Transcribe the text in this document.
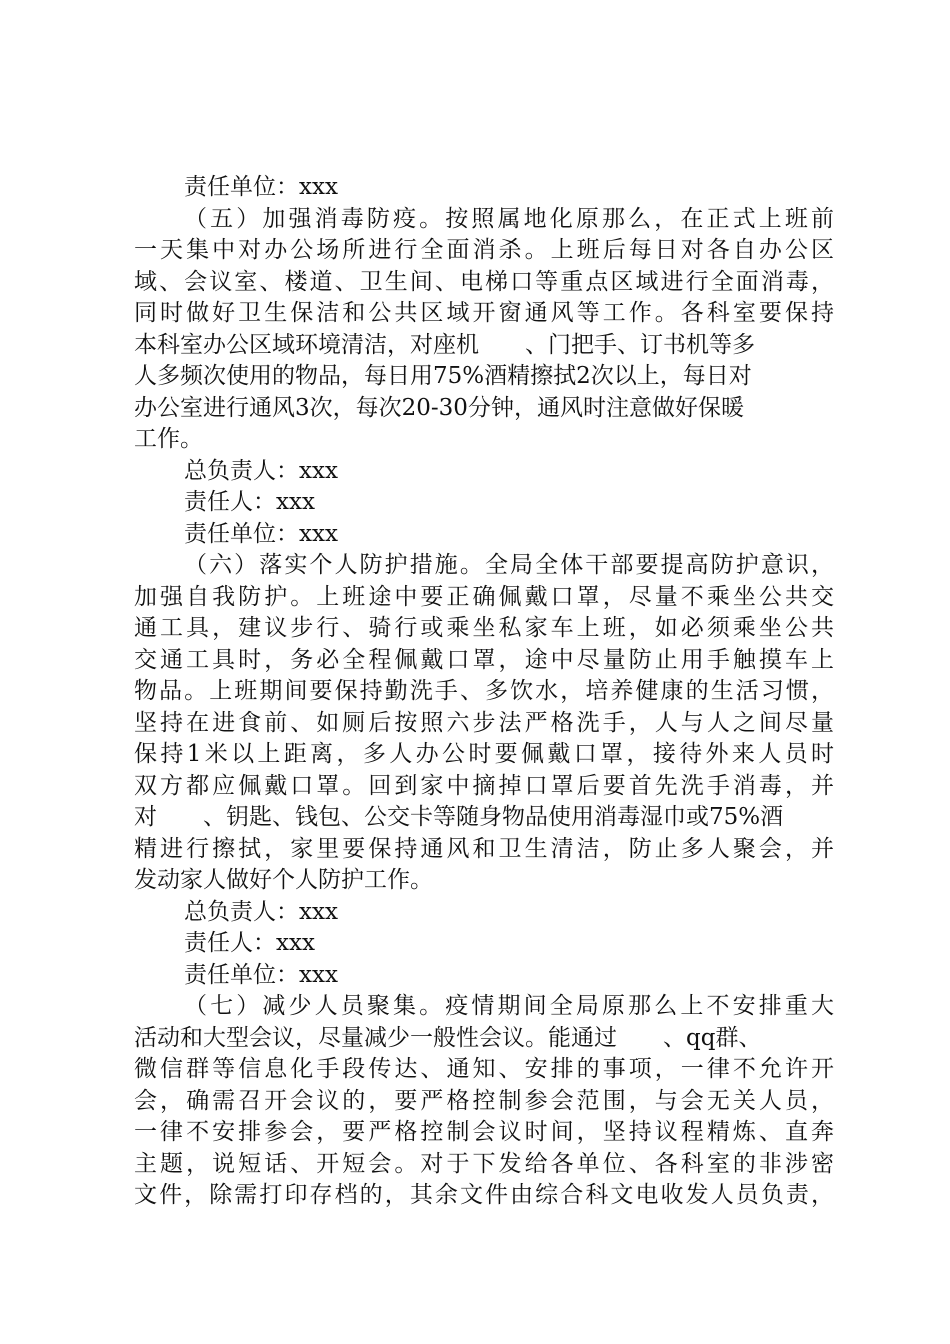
责任单位：xxx
（五）加强消毒防疫。按照属地化原那么，在正式上班前
一天集中对办公场所进行全面消杀。上班后每日对各自办公区
域、会议室、楼道、卫生间、电梯口等重点区域进行全面消毒，
同时做好卫生保洁和公共区域开窗通风等工作。各科室要保持
本科室办公区域环境清洁，对座机　　、门把手、订书机等多
人多频次使用的物品，每日用75%酒精擦拭2次以上，每日对
办公室进行通风3次，每次20-30分钟，通风时注意做好保暖
工作。
总负责人：xxx
责任人：xxx
责任单位：xxx
（六）落实个人防护措施。全局全体干部要提高防护意识，
加强自我防护。上班途中要正确佩戴口罩，尽量不乘坐公共交
通工具，建议步行、骑行或乘坐私家车上班，如必须乘坐公共
交通工具时，务必全程佩戴口罩，途中尽量防止用手触摸车上
物品。上班期间要保持勤洗手、多饮水，培养健康的生活习惯，
坚持在进食前、如厕后按照六步法严格洗手，人与人之间尽量
保持1米以上距离，多人办公时要佩戴口罩，接待外来人员时
双方都应佩戴口罩。回到家中摘掉口罩后要首先洗手消毒，并
对　　、钥匙、钱包、公交卡等随身物品使用消毒湿巾或75%酒
精进行擦拭，家里要保持通风和卫生清洁，防止多人聚会，并
发动家人做好个人防护工作。
总负责人：xxx
责任人：xxx
责任单位：xxx
（七）减少人员聚集。疫情期间全局原那么上不安排重大
活动和大型会议，尽量减少一般性会议。能通过　　、qq群、
微信群等信息化手段传达、通知、安排的事项，一律不允许开
会，确需召开会议的，要严格控制参会范围，与会无关人员，
一律不安排参会，要严格控制会议时间，坚持议程精炼、直奔
主题，说短话、开短会。对于下发给各单位、各科室的非涉密
文件，除需打印存档的，其余文件由综合科文电收发人员负责，
